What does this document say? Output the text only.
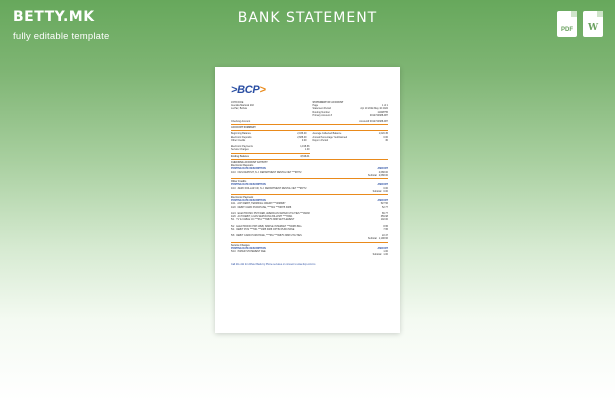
BETTY.MK
fully editable template
BANK STATEMENT
PDF	W
>BCP>
JOHN DOE
Avenida Mariscal 202
La Paz, Bolivia
STATEMENT OF ACCOUNT
Page	1 of 1
Statement Period	Apr 10 2022-May 10 2022
Routing Number	11008755
Primary Account #	0012744688-987
Checking Account	Account# 0012744688-987
ACCOUNT SUMMARY
Beginning Balance	2,036.00
Electronic Deposits	2,688.00
Other Credits	0.00
Average Collected Balance	1,020.45
Annual Percentage Yield Earned	0.00
Days in Period	30
Electronic Payments	1,198.66
Service Charges	1.00
Ending Balance	3,518.11
CHECKING ACCOUNT ACTIVITY
Electronic Deposits
POSTING DATE DESCRIPTION	AMOUNT
4/10 NGS DEPOSIT, N.J. DEPARTMENT RENTAL NET ***98772	2,688.00
Subtotal 2,688.00
Other Credits
POSTING DATE DESCRIPTION	AMOUNT
4/10 ZERO DOLLAR CR, N.J. DEPARTMENT RENTAL NET ***98772	0.00
Subtotal 0.00
Electronic Payment
POSTING DATE DESCRIPTION	AMOUNT
4/11 ACH DEBIT, TERMINAL CREDIT ***0098987	527.56
4/20 DEBIT CARD PURCHASE, ****661 ***69875 3088	52.77
4/24 ELECTRONIC PMT-WEB, AMERICAN WATER UTILITIES ***09238	86.77
4/26 ACH DEBIT, LOAN SERVICING BILLPMT ***73991	359.98
5/1 TV & CABLE CO ***661 ***69875 3088 SETTLEMENT	102.00
5/2 ELECTRONIC PMT-WEB, SIMPLE INTERNET ***09383 BILL	8.95
5/4 DEBIT POS ****661 ***1985 3088 OPTIM PURCHASE	7.95
5/8 DEBIT CARD PURCHASE, ****661 ***69875 3088 UTILITIES	22.47
Subtotal 1,198.66
Service Charges
POSTING DATE DESCRIPTION	AMOUNT
5/10 PAPER STATEMENT FEE	1.00
Subtotal 1.00
Call 211-411 for 24hour Bank by Phone services or connect to www.bcp.com.bo
